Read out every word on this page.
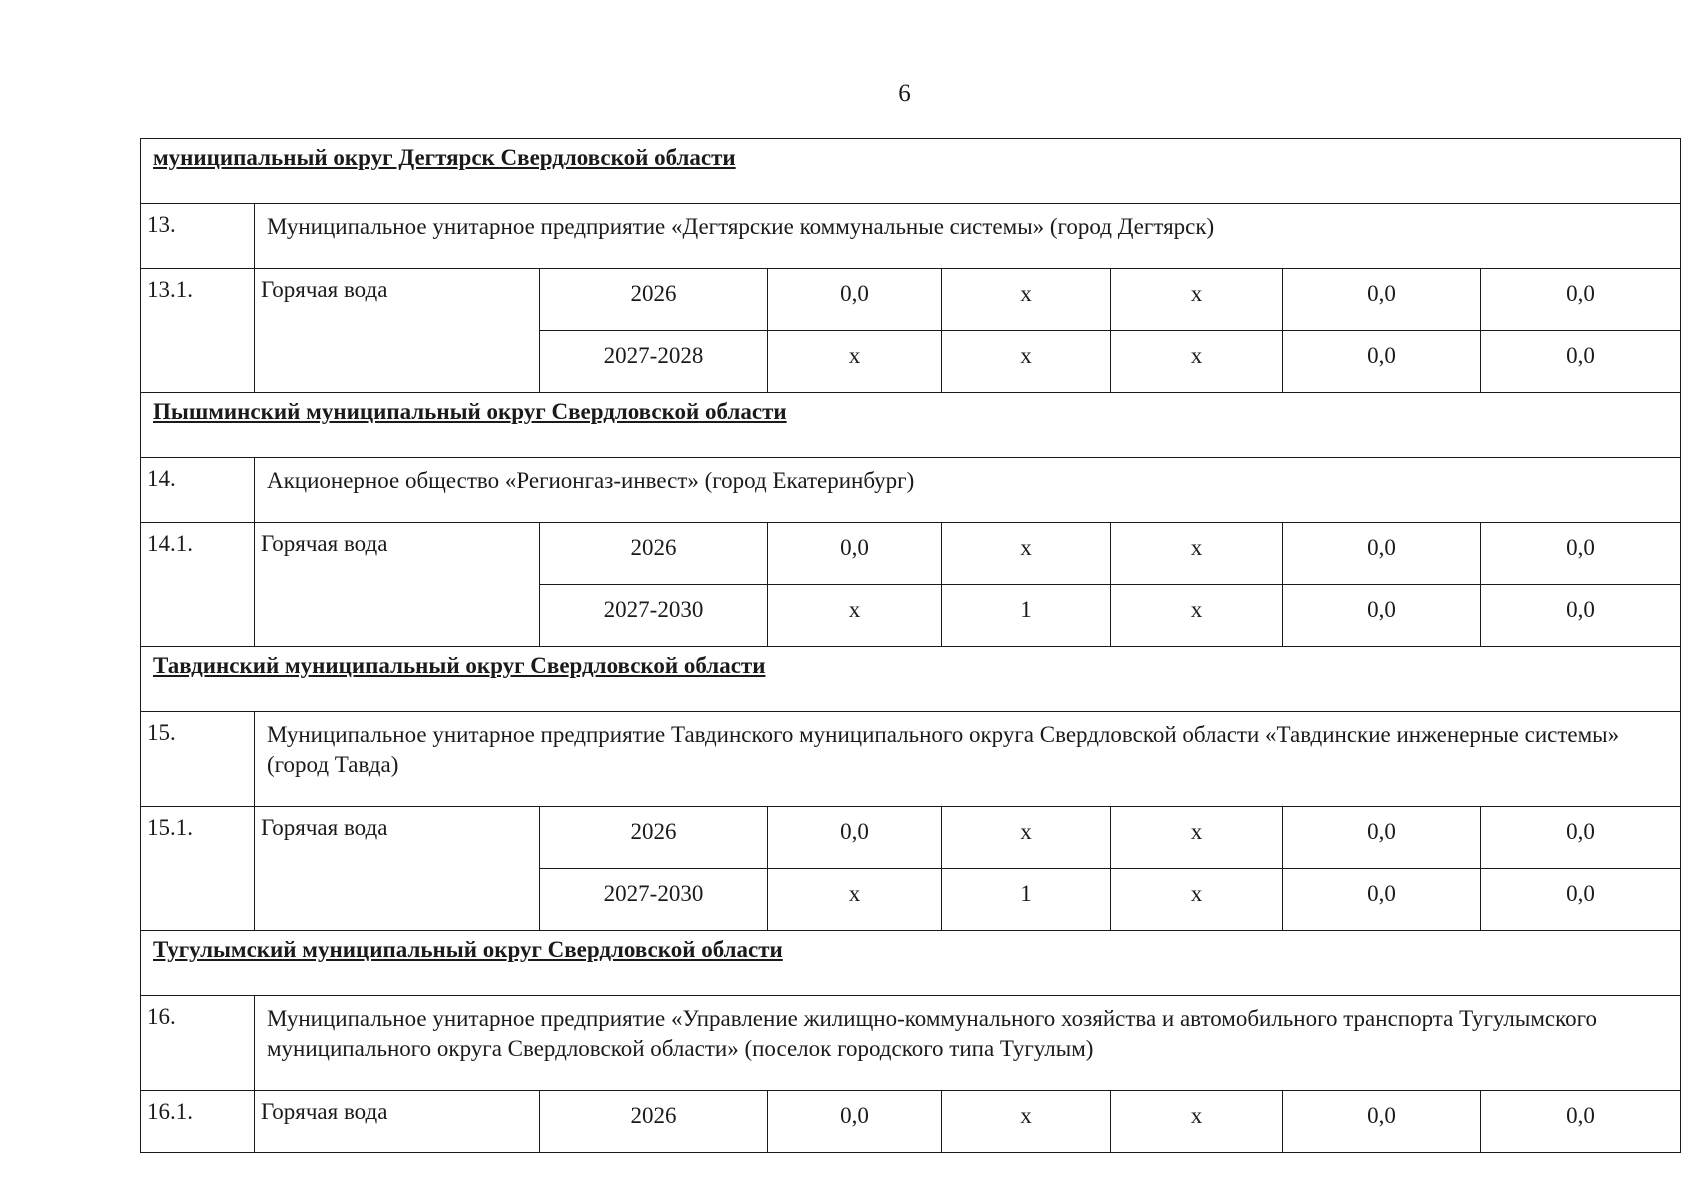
6
муниципальный округ Дегтярск Свердловской области							
13.	Муниципальное унитарное предприятие «Дегтярские коммунальные системы» (город Дегтярск)						
13.1.	Горячая вода	2026	0,0	х	х	0,0	0,0
		2027-2028	х	х	х	0,0	0,0
Пышминский муниципальный округ Свердловской области							
14.	Акционерное общество «Регионгаз-инвест» (город Екатеринбург)						
14.1.	Горячая вода	2026	0,0	х	х	0,0	0,0
		2027-2030	х	1	х	0,0	0,0
Тавдинский муниципальный округ Свердловской области							
15.	Муниципальное унитарное предприятие Тавдинского муниципального округа Свердловской области «Тавдинские инженерные системы» (город Тавда)						
15.1.	Горячая вода	2026	0,0	х	х	0,0	0,0
		2027-2030	х	1	х	0,0	0,0
Тугулымский муниципальный округ Свердловской области							
16.	Муниципальное унитарное предприятие «Управление жилищно-коммунального хозяйства и автомобильного транспорта Тугулымского муниципального округа Свердловской области» (поселок городского типа Тугулым)						
16.1.	Горячая вода	2026	0,0	х	х	0,0	0,0
